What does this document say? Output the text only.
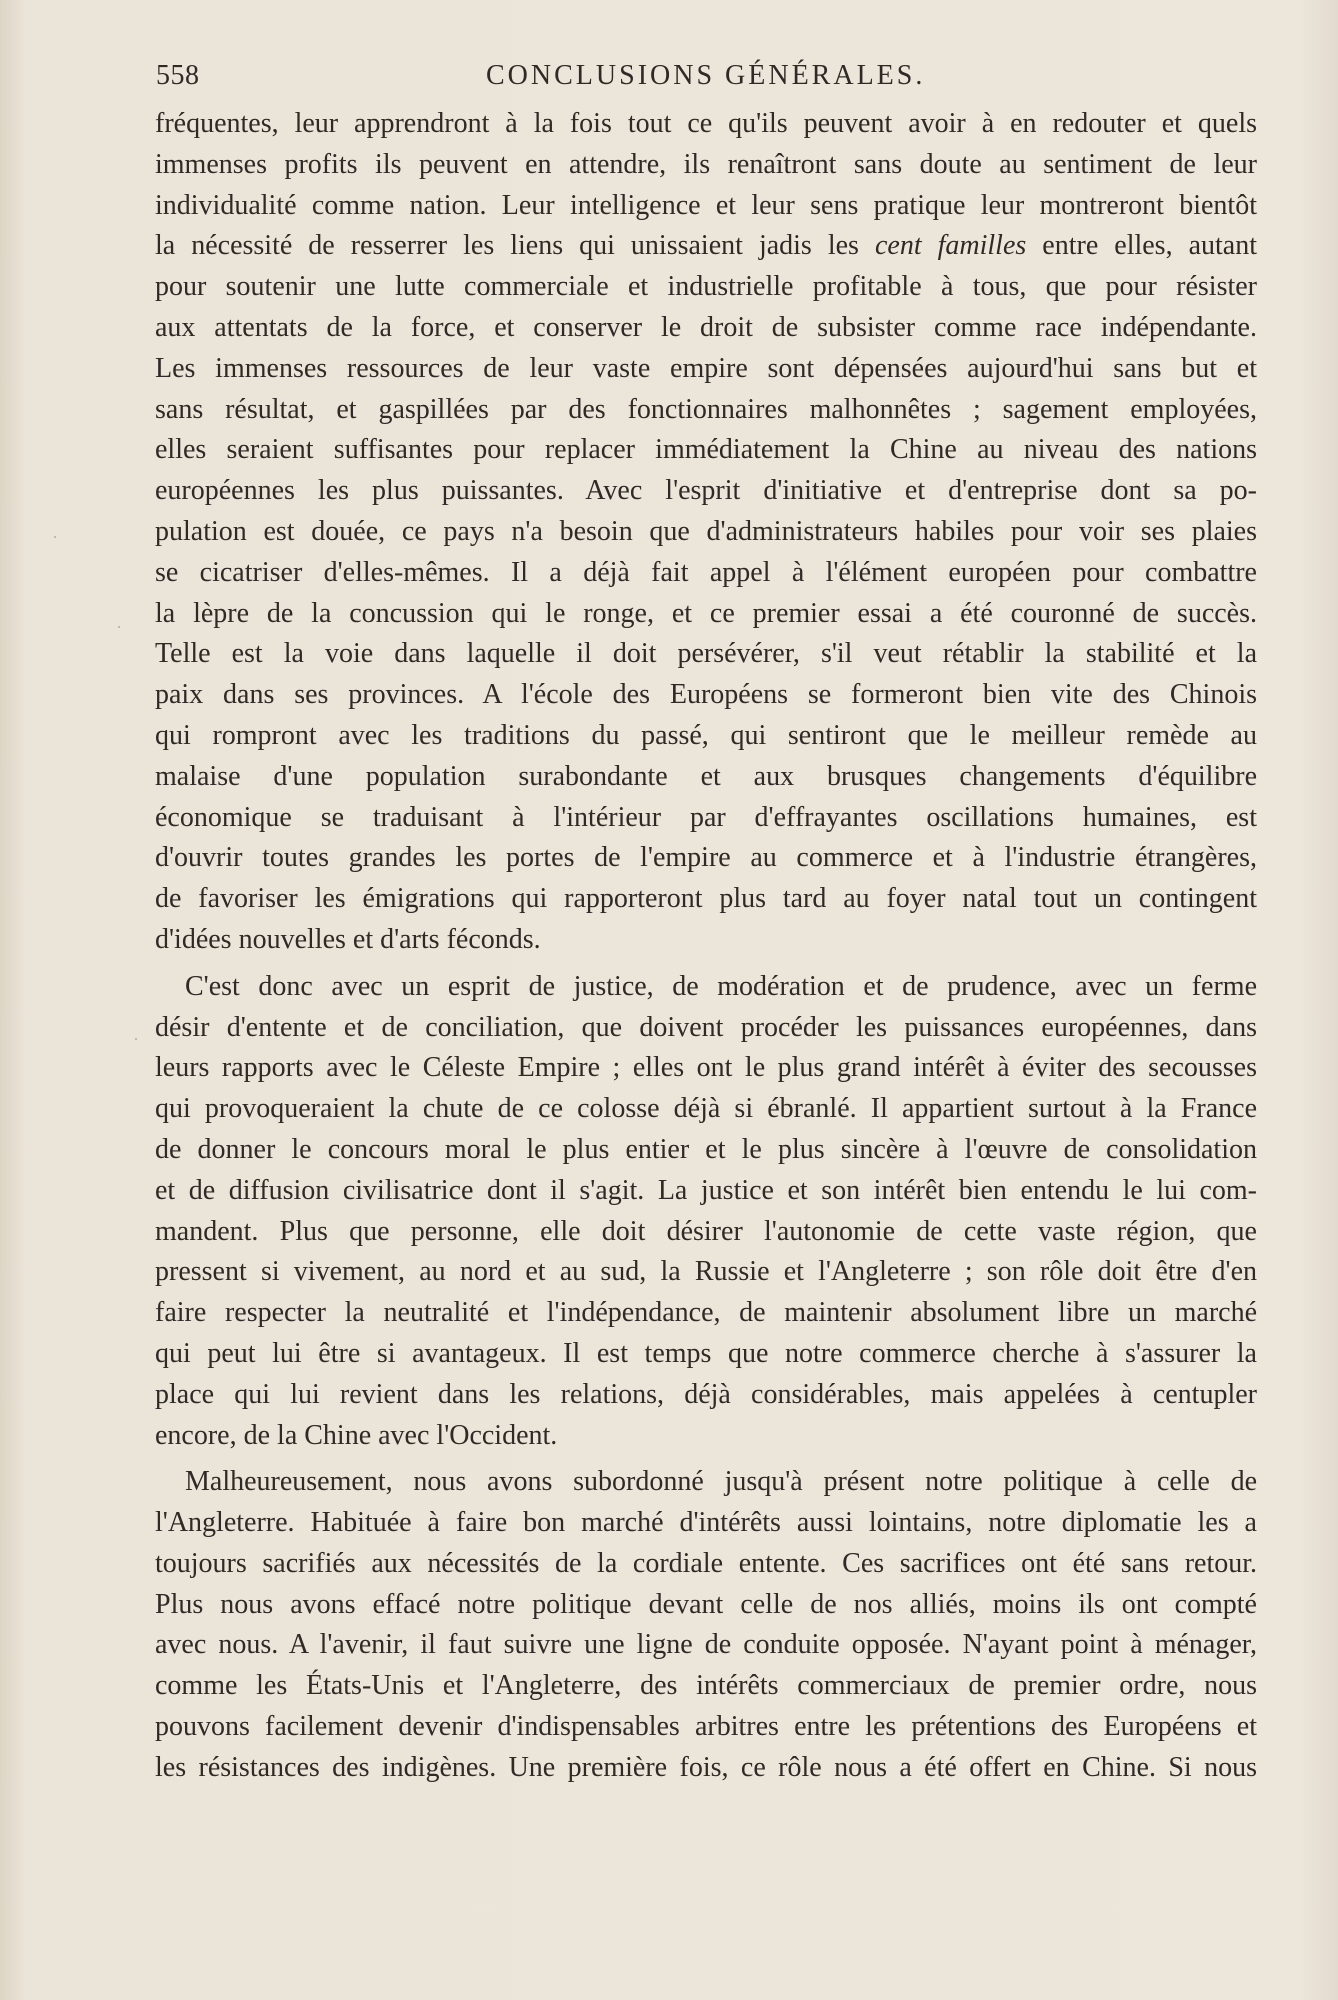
558	CONCLUSIONS GÉNÉRALES.
fréquentes, leur apprendront à la fois tout ce qu'ils peuvent avoir à en redouter et quels
immenses profits ils peuvent en attendre, ils renaîtront sans doute au sentiment de leur
individualité comme nation. Leur intelligence et leur sens pratique leur montreront bientôt
la nécessité de resserrer les liens qui unissaient jadis les cent familles entre elles, autant
pour soutenir une lutte commerciale et industrielle profitable à tous, que pour résister
aux attentats de la force, et conserver le droit de subsister comme race indépendante.
Les immenses ressources de leur vaste empire sont dépensées aujourd'hui sans but et
sans résultat, et gaspillées par des fonctionnaires malhonnêtes ; sagement employées,
elles seraient suffisantes pour replacer immédiatement la Chine au niveau des nations
européennes les plus puissantes. Avec l'esprit d'initiative et d'entreprise dont sa po-
pulation est douée, ce pays n'a besoin que d'administrateurs habiles pour voir ses plaies
se cicatriser d'elles-mêmes. Il a déjà fait appel à l'élément européen pour combattre
la lèpre de la concussion qui le ronge, et ce premier essai a été couronné de succès.
Telle est la voie dans laquelle il doit persévérer, s'il veut rétablir la stabilité et la
paix dans ses provinces. A l'école des Européens se formeront bien vite des Chinois
qui rompront avec les traditions du passé, qui sentiront que le meilleur remède au
malaise d'une population surabondante et aux brusques changements d'équilibre
économique se traduisant à l'intérieur par d'effrayantes oscillations humaines, est
d'ouvrir toutes grandes les portes de l'empire au commerce et à l'industrie étrangères,
de favoriser les émigrations qui rapporteront plus tard au foyer natal tout un contingent
d'idées nouvelles et d'arts féconds.
C'est donc avec un esprit de justice, de modération et de prudence, avec un ferme
désir d'entente et de conciliation, que doivent procéder les puissances européennes, dans
leurs rapports avec le Céleste Empire ; elles ont le plus grand intérêt à éviter des secousses
qui provoqueraient la chute de ce colosse déjà si ébranlé. Il appartient surtout à la France
de donner le concours moral le plus entier et le plus sincère à l'œuvre de consolidation
et de diffusion civilisatrice dont il s'agit. La justice et son intérêt bien entendu le lui com-
mandent. Plus que personne, elle doit désirer l'autonomie de cette vaste région, que
pressent si vivement, au nord et au sud, la Russie et l'Angleterre ; son rôle doit être d'en
faire respecter la neutralité et l'indépendance, de maintenir absolument libre un marché
qui peut lui être si avantageux. Il est temps que notre commerce cherche à s'assurer la
place qui lui revient dans les relations, déjà considérables, mais appelées à centupler
encore, de la Chine avec l'Occident.
Malheureusement, nous avons subordonné jusqu'à présent notre politique à celle de
l'Angleterre. Habituée à faire bon marché d'intérêts aussi lointains, notre diplomatie les a
toujours sacrifiés aux nécessités de la cordiale entente. Ces sacrifices ont été sans retour.
Plus nous avons effacé notre politique devant celle de nos alliés, moins ils ont compté
avec nous. A l'avenir, il faut suivre une ligne de conduite opposée. N'ayant point à ménager,
comme les États-Unis et l'Angleterre, des intérêts commerciaux de premier ordre, nous
pouvons facilement devenir d'indispensables arbitres entre les prétentions des Européens et
les résistances des indigènes. Une première fois, ce rôle nous a été offert en Chine. Si nous
